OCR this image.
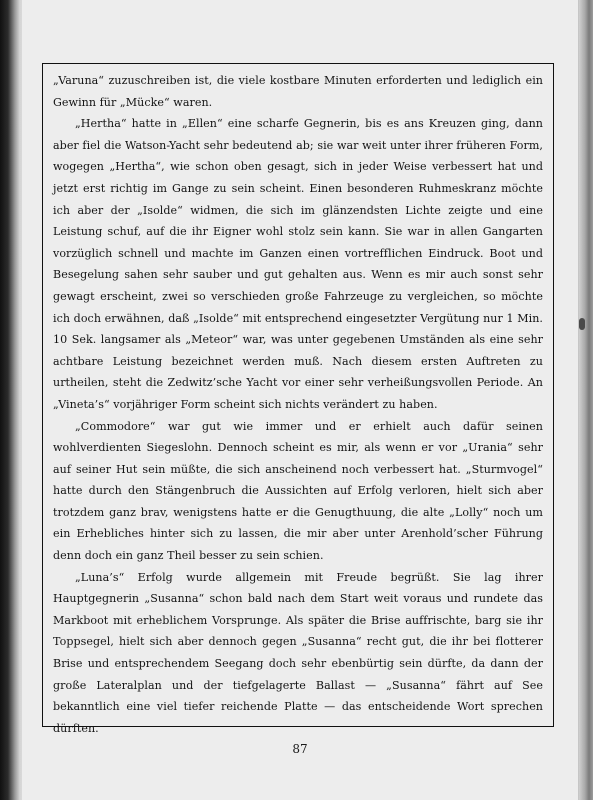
„Varuna“ zuzuschreiben ist, die viele kostbare Minuten erforderten und lediglich ein Gewinn für „Mücke“ waren.

„Hertha“ hatte in „Ellen“ eine scharfe Gegnerin, bis es ans Kreuzen ging, dann aber fiel die Watson-Yacht sehr bedeutend ab; sie war weit unter ihrer früheren Form, wogegen „Hertha“, wie schon oben gesagt, sich in jeder Weise verbessert hat und jetzt erst richtig im Gange zu sein scheint. Einen besonderen Ruhmeskranz möchte ich aber der „Isolde“ widmen, die sich im glänzendsten Lichte zeigte und eine Leistung schuf, auf die ihr Eigner wohl stolz sein kann. Sie war in allen Gangarten vorzüglich schnell und machte im Ganzen einen vortrefflichen Eindruck. Boot und Besegelung sahen sehr sauber und gut gehalten aus. Wenn es mir auch sonst sehr gewagt erscheint, zwei so verschieden große Fahrzeuge zu vergleichen, so möchte ich doch erwähnen, daß „Isolde“ mit entsprechend eingesetzter Vergütung nur 1 Min. 10 Sek. langsamer als „Meteor“ war, was unter gegebenen Umständen als eine sehr achtbare Leistung bezeichnet werden muß. Nach diesem ersten Auftreten zu urtheilen, steht die Zedwitz’sche Yacht vor einer sehr verheißungsvollen Periode. An „Vineta’s“ vorjähriger Form scheint sich nichts verändert zu haben.

„Commodore“ war gut wie immer und er erhielt auch dafür seinen wohlverdienten Siegeslohn. Dennoch scheint es mir, als wenn er vor „Urania“ sehr auf seiner Hut sein müßte, die sich anscheinend noch verbessert hat. „Sturmvogel“ hatte durch den Stängenbruch die Aussichten auf Erfolg verloren, hielt sich aber trotzdem ganz brav, wenigstens hatte er die Genugthuung, die alte „Lolly“ noch um ein Erhebliches hinter sich zu lassen, die mir aber unter Arenhold’scher Führung denn doch ein ganz Theil besser zu sein schien.

„Luna’s“ Erfolg wurde allgemein mit Freude begrüßt. Sie lag ihrer Hauptgegnerin „Susanna“ schon bald nach dem Start weit voraus und rundete das Markboot mit erheblichem Vorsprunge. Als später die Brise auffrischte, barg sie ihr Toppsegel, hielt sich aber dennoch gegen „Susanna“ recht gut, die ihr bei flotterer Brise und entsprechendem Seegang doch sehr ebenbürtig sein dürfte, da dann der große Lateralplan und der tiefgelagerte Ballast — „Susanna“ fährt auf See bekanntlich eine viel tiefer reichende Platte — das entscheidende Wort sprechen dürften.

87
